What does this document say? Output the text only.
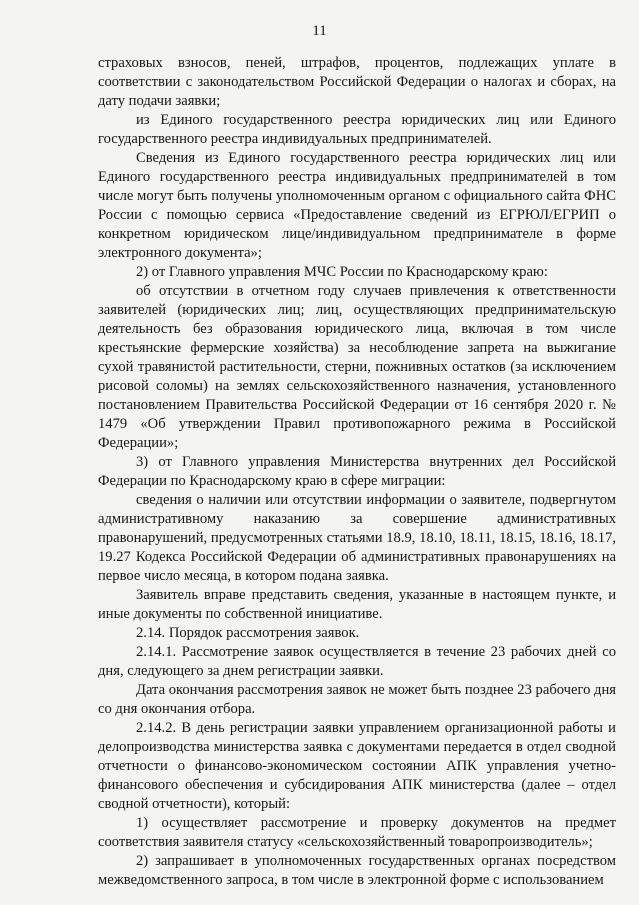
11

страховых взносов, пеней, штрафов, процентов, подлежащих уплате в соответствии с законодательством Российской Федерации о налогах и сборах, на дату подачи заявки;

из Единого государственного реестра юридических лиц или Единого государственного реестра индивидуальных предпринимателей.

Сведения из Единого государственного реестра юридических лиц или Единого государственного реестра индивидуальных предпринимателей в том числе могут быть получены уполномоченным органом с официального сайта ФНС России с помощью сервиса «Предоставление сведений из ЕГРЮЛ/ЕГРИП о конкретном юридическом лице/индивидуальном предпринимателе в форме электронного документа»;

2) от Главного управления МЧС России по Краснодарскому краю:

об отсутствии в отчетном году случаев привлечения к ответственности заявителей (юридических лиц; лиц, осуществляющих предпринимательскую деятельность без образования юридического лица, включая в том числе крестьянские фермерские хозяйства) за несоблюдение запрета на выжигание сухой травянистой растительности, стерни, пожнивных остатков (за исключением рисовой соломы) на землях сельскохозяйственного назначения, установленного постановлением Правительства Российской Федерации от 16 сентября 2020 г. № 1479 «Об утверждении Правил противопожарного режима в Российской Федерации»;

3) от Главного управления Министерства внутренних дел Российской Федерации по Краснодарскому краю в сфере миграции:

сведения о наличии или отсутствии информации о заявителе, подвергнутом административному наказанию за совершение административных правонарушений, предусмотренных статьями 18.9, 18.10, 18.11, 18.15, 18.16, 18.17, 19.27 Кодекса Российской Федерации об административных правонарушениях на первое число месяца, в котором подана заявка.

Заявитель вправе представить сведения, указанные в настоящем пункте, и иные документы по собственной инициативе.

2.14. Порядок рассмотрения заявок.

2.14.1. Рассмотрение заявок осуществляется в течение 23 рабочих дней со дня, следующего за днем регистрации заявки.

Дата окончания рассмотрения заявок не может быть позднее 23 рабочего дня со дня окончания отбора.

2.14.2. В день регистрации заявки управлением организационной работы и делопроизводства министерства заявка с документами передается в отдел сводной отчетности о финансово-экономическом состоянии АПК управления учетно-финансового обеспечения и субсидирования АПК министерства (далее – отдел сводной отчетности), который:

1) осуществляет рассмотрение и проверку документов на предмет соответствия заявителя статусу «сельскохозяйственный товаропроизводитель»;

2) запрашивает в уполномоченных государственных органах посредством межведомственного запроса, в том числе в электронной форме с использованием
